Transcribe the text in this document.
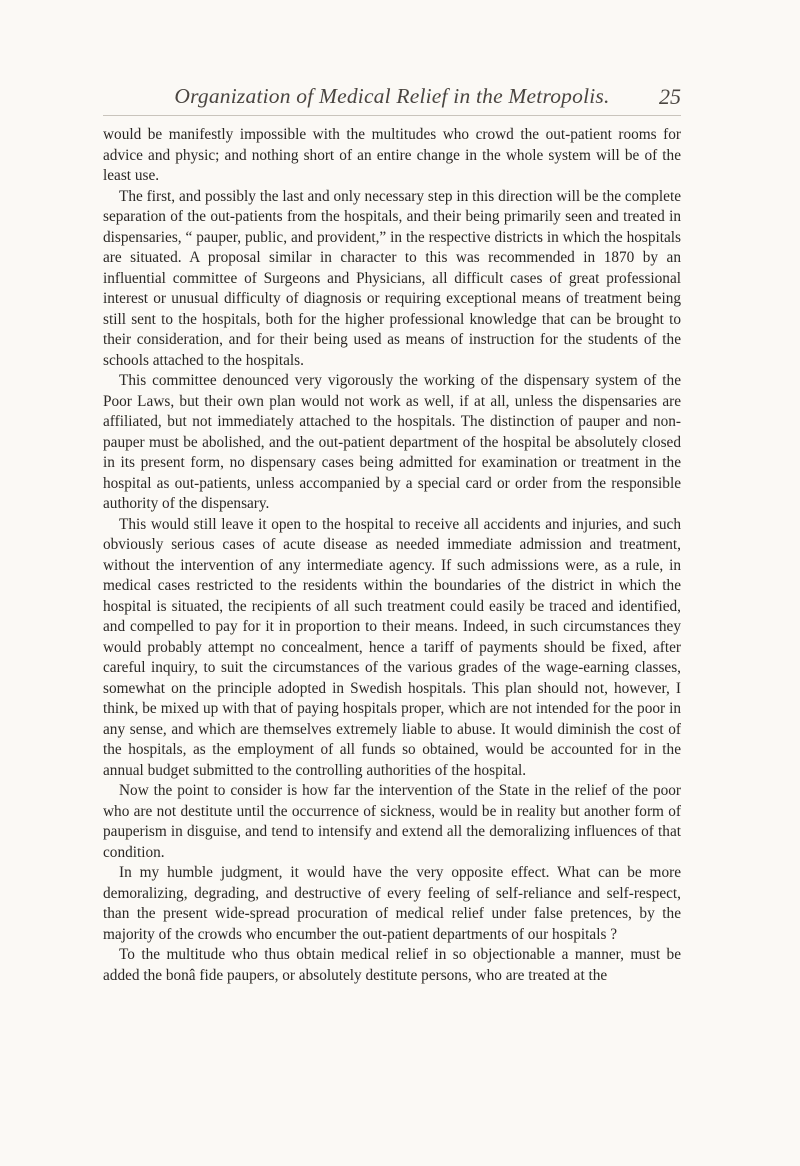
Organization of Medical Relief in the Metropolis.	25

would be manifestly impossible with the multitudes who crowd the out-patient rooms for advice and physic; and nothing short of an entire change in the whole system will be of the least use.

The first, and possibly the last and only necessary step in this direction will be the complete separation of the out-patients from the hospitals, and their being primarily seen and treated in dispensaries, “ pauper, public, and provident,” in the respective districts in which the hospitals are situated. A proposal similar in character to this was recommended in 1870 by an influential committee of Surgeons and Physicians, all difficult cases of great professional interest or unusual difficulty of diagnosis or requiring exceptional means of treatment being still sent to the hospitals, both for the higher professional knowledge that can be brought to their consideration, and for their being used as means of instruction for the students of the schools attached to the hospitals.

This committee denounced very vigorously the working of the dispensary system of the Poor Laws, but their own plan would not work as well, if at all, unless the dispensaries are affiliated, but not immediately attached to the hospitals. The distinction of pauper and non-pauper must be abolished, and the out-patient department of the hospital be absolutely closed in its present form, no dispensary cases being admitted for examination or treatment in the hospital as out-patients, unless accompanied by a special card or order from the responsible authority of the dispensary.

This would still leave it open to the hospital to receive all accidents and injuries, and such obviously serious cases of acute disease as needed immediate admission and treatment, without the intervention of any intermediate agency. If such admissions were, as a rule, in medical cases restricted to the residents within the boundaries of the district in which the hospital is situated, the recipients of all such treatment could easily be traced and identified, and compelled to pay for it in proportion to their means. Indeed, in such circumstances they would probably attempt no concealment, hence a tariff of payments should be fixed, after careful inquiry, to suit the circumstances of the various grades of the wage-earning classes, somewhat on the principle adopted in Swedish hospitals. This plan should not, however, I think, be mixed up with that of paying hospitals proper, which are not intended for the poor in any sense, and which are themselves extremely liable to abuse. It would diminish the cost of the hospitals, as the employment of all funds so obtained, would be accounted for in the annual budget submitted to the controlling authorities of the hospital.

Now the point to consider is how far the intervention of the State in the relief of the poor who are not destitute until the occurrence of sickness, would be in reality but another form of pauperism in disguise, and tend to intensify and extend all the demoralizing influences of that condition.

In my humble judgment, it would have the very opposite effect. What can be more demoralizing, degrading, and destructive of every feeling of self-reliance and self-respect, than the present wide-spread procuration of medical relief under false pretences, by the majority of the crowds who encumber the out-patient departments of our hospitals ?

To the multitude who thus obtain medical relief in so objectionable a manner, must be added the bonâ fide paupers, or absolutely destitute persons, who are treated at the
